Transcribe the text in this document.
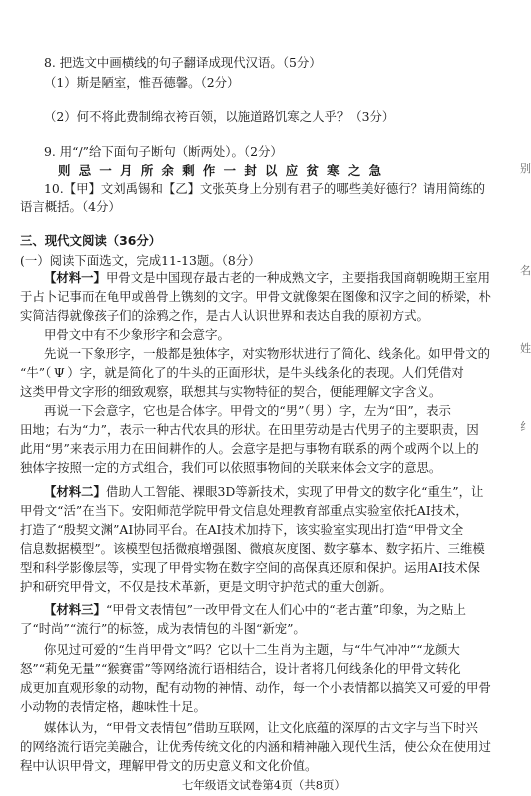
8. 把选文中画横线的句子翻译成现代汉语。（5分）
（1）斯是陋室，惟吾德馨。（2分）
（2）何不将此费制绵衣袴百领，以施道路饥寒之人乎？（3分）
9. 用“/”给下面句子断句（断两处）。（2分）
则 忌 一 月 所 余 剩 作 一 封 以 应 贫 寒 之 急
10.【甲】文刘禹锡和【乙】文张英身上分别有君子的哪些美好德行？请用简练的
语言概括。（4分）
三、现代文阅读（36分）
(一）阅读下面选文，完成11-13题。（8分）
【材料一】甲骨文是中国现存最古老的一种成熟文字，主要指我国商朝晚期王室用
于占卜记事而在龟甲或兽骨上镌刻的文字。甲骨文就像架在图像和汉字之间的桥梁，朴
实简洁得就像孩子们的涂鸦之作，是古人认识世界和表达自我的原初方式。
甲骨文中有不少象形字和会意字。
先说一下象形字，一般都是独体字，对实物形状进行了简化、线条化。如甲骨文的
“牛”（ Ψ ）字，就是简化了的牛头的正面形状，是牛头线条化的表现。人们凭借对
这类甲骨文字形的细致观察，联想其与实物特征的契合，便能理解文字含义。
再说一下会意字，它也是合体字。甲骨文的“男”（ 男 ）字，左为“田”，表示
田地；右为“力”，表示一种古代农具的形状。在田里劳动是古代男子的主要职责，因
此用“男”来表示用力在田间耕作的人。会意字是把与事物有联系的两个或两个以上的
独体字按照一定的方式组合，我们可以依照事物间的关联来体会文字的意思。
【材料二】借助人工智能、裸眼3D等新技术，实现了甲骨文的数字化“重生”，让
甲骨文“活”在当下。安阳师范学院甲骨文信息处理教育部重点实验室依托AI技术，
打造了“殷契文渊”AI协同平台。在AI技术加持下，该实验室实现出打造“甲骨文全
信息数据模型”。该模型包括微痕增强图、微痕灰度图、数字摹本、数字拓片、三维模
型和科学影像层等，实现了甲骨实物在数字空间的高保真还原和保护。运用AI技术保
护和研究甲骨文，不仅是技术革新，更是文明守护范式的重大创新。
【材料三】“甲骨文表情包”一改甲骨文在人们心中的“老古董”印象，为之贴上
了“时尚”“流行”的标签，成为表情包的斗图“新宠”。
你见过可爱的“生肖甲骨文”吗？它以十二生肖为主题，与“牛气冲冲”“龙颜大
怒”“莉免无量”“猴赛雷”等网络流行语相结合，设计者将几何线条化的甲骨文转化
成更加直观形象的动物，配有动物的神情、动作，每一个小表情都以搞笑又可爱的甲骨
小动物的表情定格，趣味性十足。
媒体认为，“甲骨文表情包”借助互联网，让文化底蕴的深厚的古文字与当下时兴
的网络流行语完美融合，让优秀传统文化的内涵和精神融入现代生活，使公众在使用过
程中认识甲骨文，理解甲骨文的历史意义和文化价值。
七年级语文试卷第4页（共8页）
别
名
姓
纟
